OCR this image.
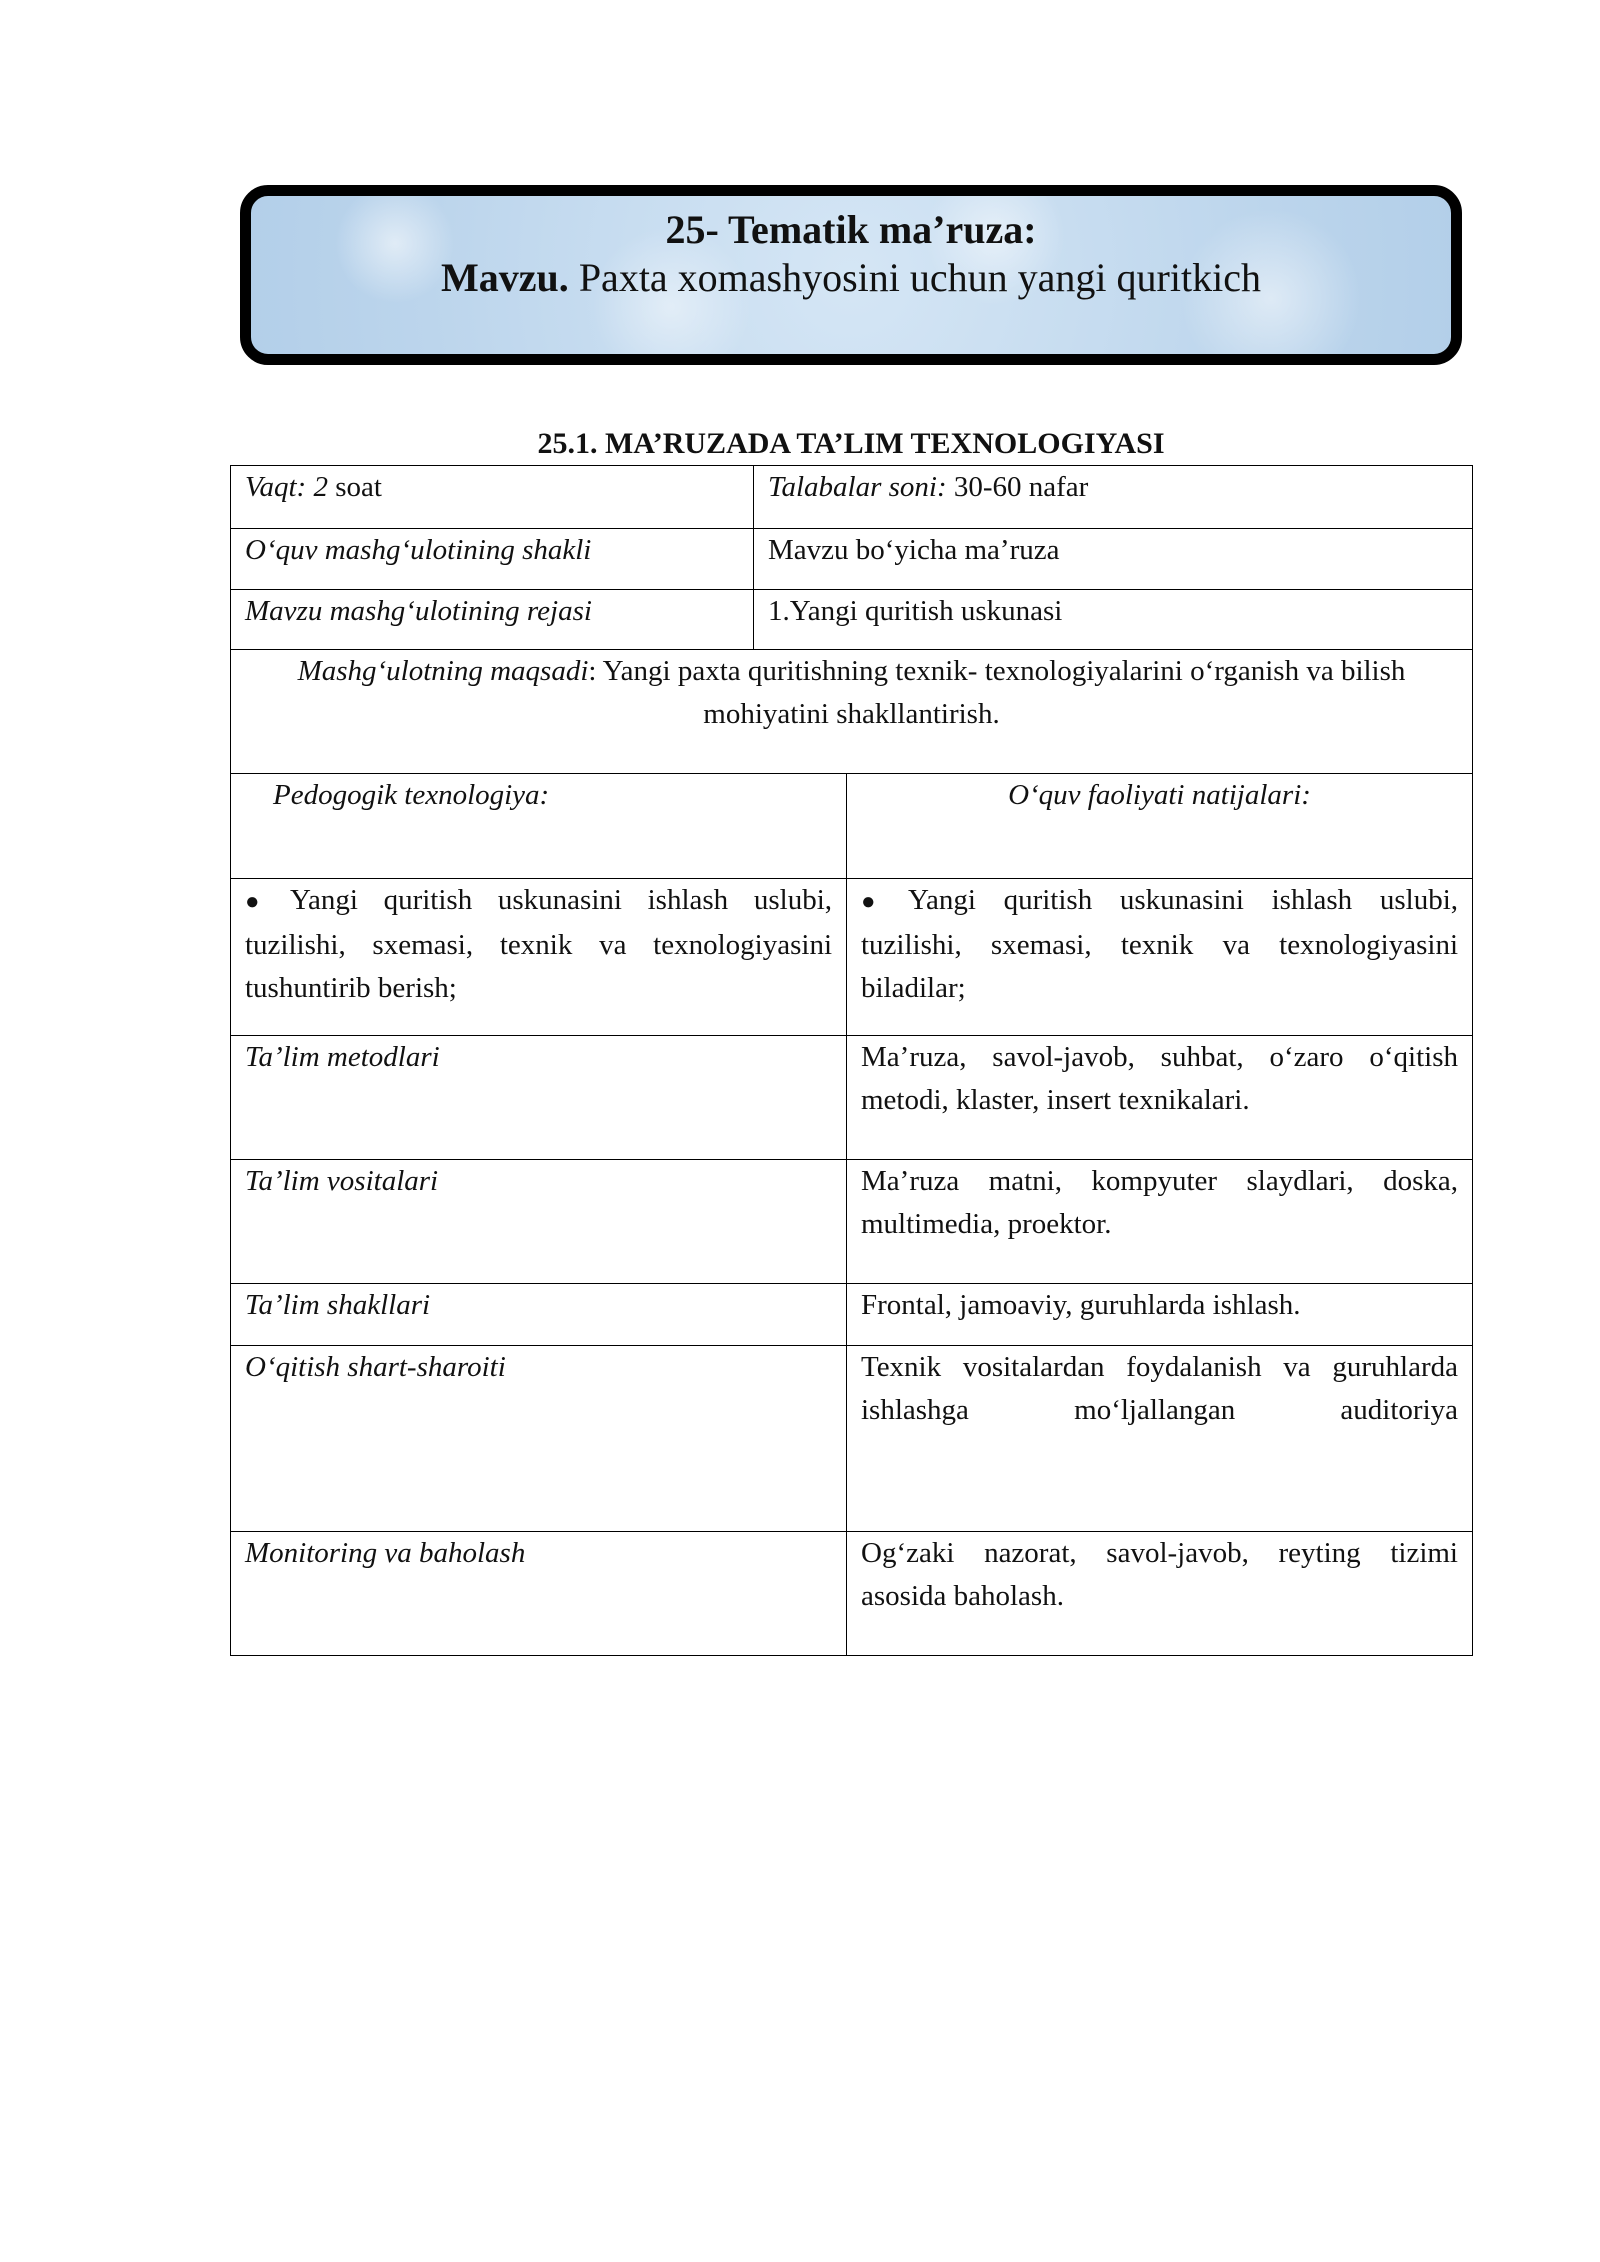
25- Tematik ma’ruza:
Mavzu. Paxta xomashyosini uchun yangi quritkich
25.1. MA’RUZADA TA’LIM TEXNOLOGIYASI
Vaqt: 2 soat	Talabalar soni: 30-60 nafar	
O‘quv mashg‘ulotining shakli	Mavzu bo‘yicha ma’ruza	
Mavzu mashg‘ulotining rejasi	1.Yangi quritish uskunasi	
Mashg‘ulotning maqsadi: Yangi paxta quritishning texnik- texnologiyalarini o‘rganish va bilish mohiyatini shakllantirish.		
Pedogogik texnologiya:		O‘quv faoliyati natijalari:
● Yangi quritish uskunasini ishlash uslubi, tuzilishi, sxemasi, texnik va texnologiyasini tushuntirib berish;		● Yangi quritish uskunasini ishlash uslubi, tuzilishi, sxemasi, texnik va texnologiyasini biladilar;
Ta’lim metodlari		Ma’ruza, savol-javob, suhbat, o‘zaro o‘qitish metodi, klaster, insert texnikalari.
Ta’lim vositalari		Ma’ruza matni, kompyuter slaydlari, doska, multimedia, proektor.
Ta’lim shakllari		Frontal, jamoaviy, guruhlarda ishlash.
O‘qitish shart-sharoiti		Texnik vositalardan foydalanish va guruhlarda ishlashga mo‘ljallangan auditoriya
Monitoring va baholash		Og‘zaki nazorat, savol-javob, reyting tizimi asosida baholash.
